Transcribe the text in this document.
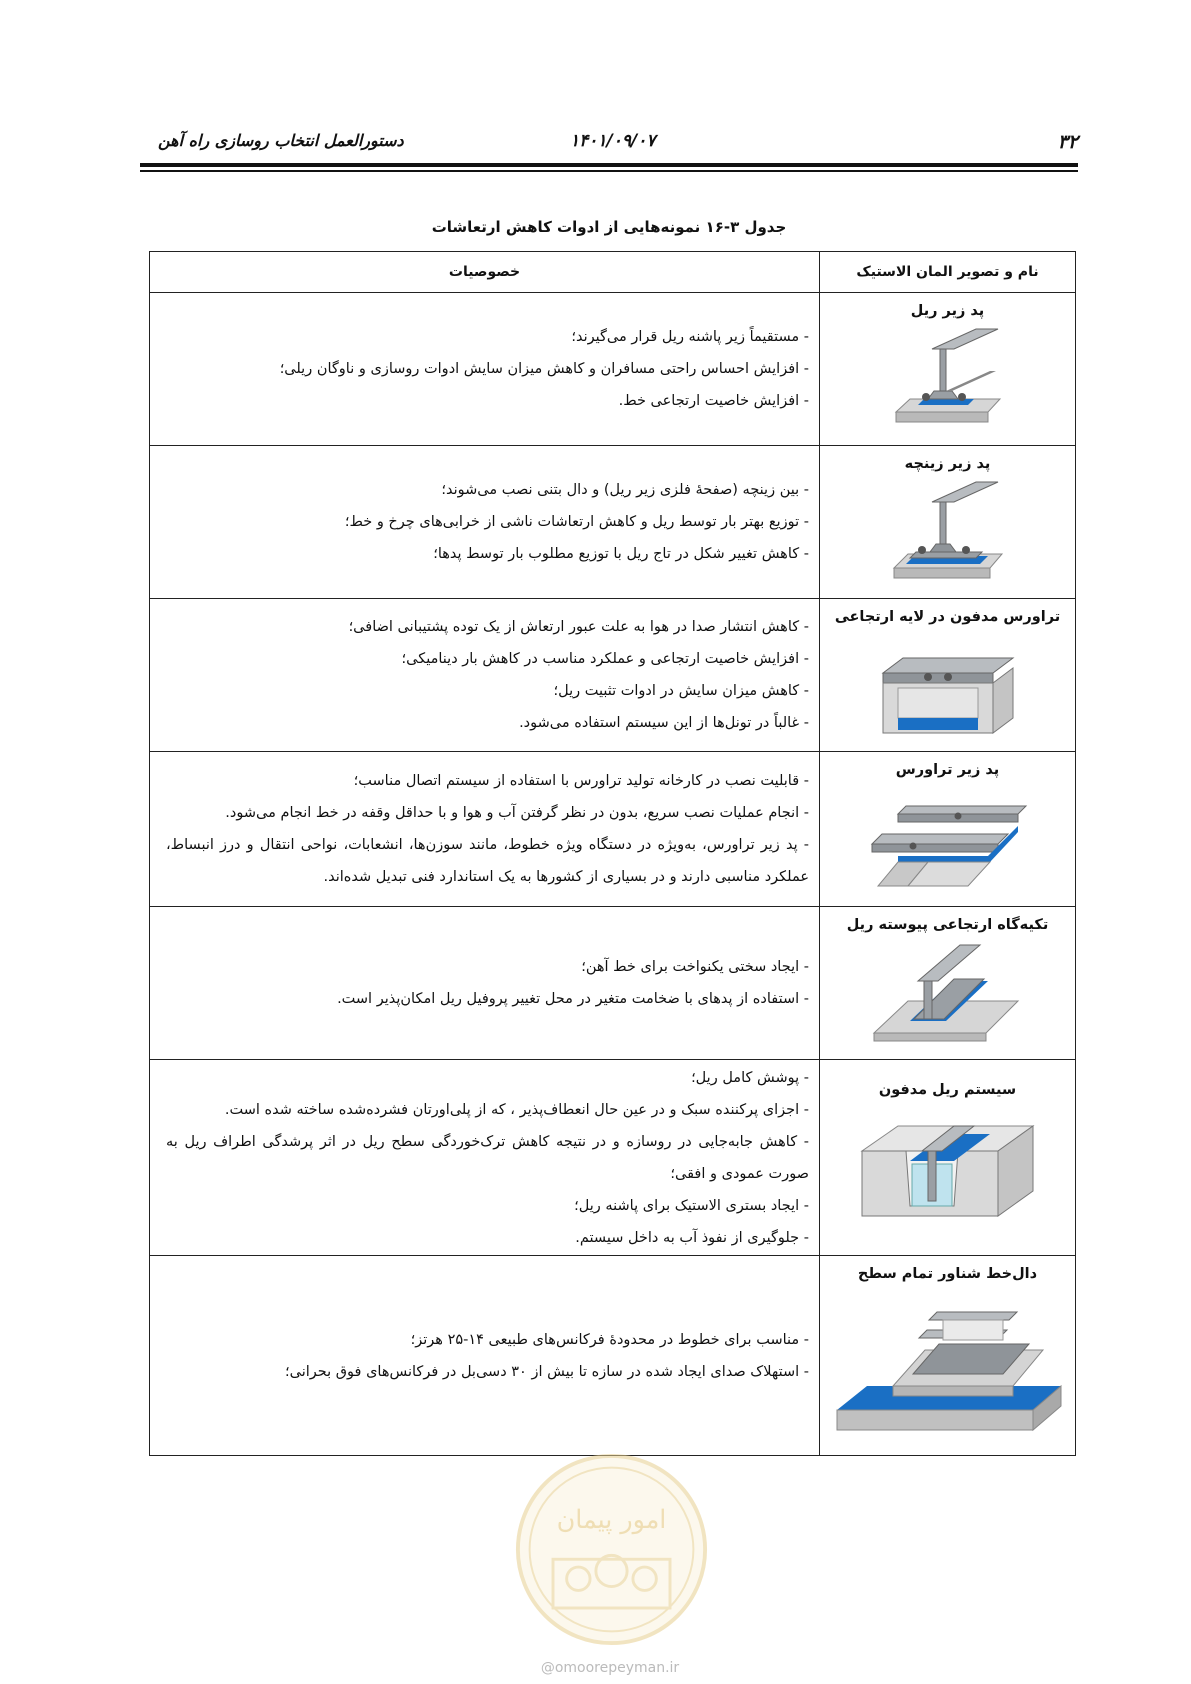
۳۲
۱۴۰۱/۰۹/۰۷
دستورالعمل انتخاب روسازی راه آهن
جدول ۳-۱۶ نمونه‌هایی از ادوات کاهش ارتعاشات
نام و تصویر المان الاستیک	خصوصیات

پد زیر ریل	- مستقیماً زیر پاشنه ریل قرار می‌گیرند؛
- افزایش احساس راحتی مسافران و کاهش میزان سایش ادوات روسازی و ناوگان ریلی؛
- افزایش خاصیت ارتجاعی خط.

پد زیر زینچه	- بین زینچه (صفحهٔ فلزی زیر ریل) و دال بتنی نصب می‌شوند؛
- توزیع بهتر بار توسط ریل و کاهش ارتعاشات ناشی از خرابی‌های چرخ و خط؛
- کاهش تغییر شکل در تاج ریل با توزیع مطلوب بار توسط پدها؛

تراورس مدفون در لایه ارتجاعی	- کاهش انتشار صدا در هوا به علت عبور ارتعاش از یک توده پشتیبانی اضافی؛
- افزایش خاصیت ارتجاعی و عملکرد مناسب در کاهش بار دینامیکی؛
- کاهش میزان سایش در ادوات تثبیت ریل؛
- غالباً در تونل‌ها از این سیستم استفاده می‌شود.

پد زیر تراورس	- قابلیت نصب در کارخانه تولید تراورس با استفاده از سیستم اتصال مناسب؛
- انجام عملیات نصب سریع، بدون در نظر گرفتن آب و هوا و با حداقل وقفه در خط انجام می‌شود.
- پد زیر تراورس، به‌ویژه در دستگاه ویژه خطوط، مانند سوزن‌ها، انشعابات، نواحی انتقال و درز انبساط، عملکرد مناسبی دارند و در بسیاری از کشورها به یک استاندارد فنی تبدیل شده‌اند.

تکیه‌گاه ارتجاعی پیوسته ریل	- ایجاد سختی یکنواخت برای خط آهن؛
- استفاده از پدهای با ضخامت متغیر در محل تغییر پروفیل ریل امکان‌پذیر است.

سیستم ریل مدفون	- پوشش کامل ریل؛
- اجزای پرکننده سبک و در عین حال انعطاف‌پذیر ، که از پلی‌اورتان فشرده‌شده ساخته شده است.
- کاهش جابه‌جایی در روسازه و در نتیجه کاهش ترک‌خوردگی سطح ریل در اثر پرشدگی اطراف ریل به صورت عمودی و افقی؛
- ایجاد بستری الاستیک برای پاشنه ریل؛
- جلوگیری از نفوذ آب به داخل سیستم.

دال‌خط شناور تمام سطح	- مناسب برای خطوط در محدودهٔ فرکانس‌های طبیعی ۱۴-۲۵ هرتز؛
- استهلاک صدای ایجاد شده در سازه تا بیش از ۳۰ دسی‌بل در فرکانس‌های فوق بحرانی؛
امور پیمان
@omoorepeyman.ir
